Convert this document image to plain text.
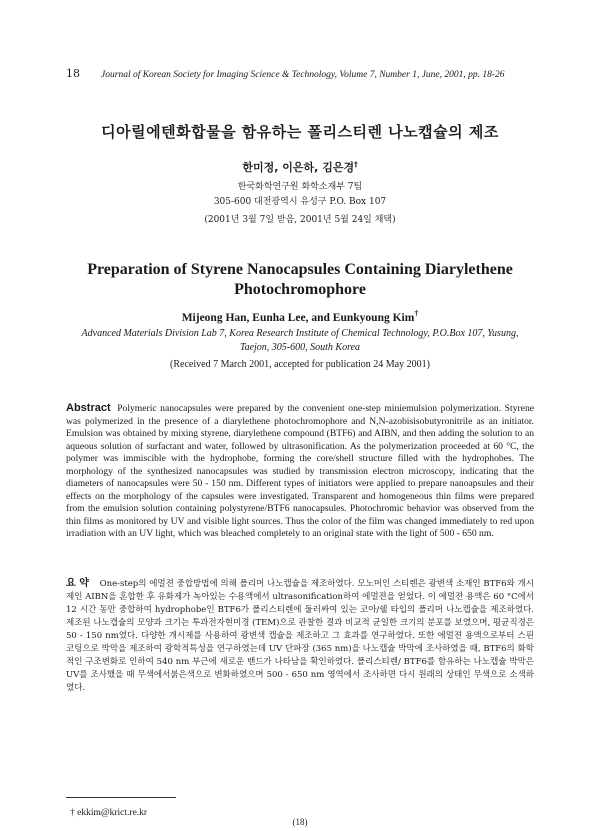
18 Journal of Korean Society for Imaging Science & Technology, Volume 7, Number 1, June, 2001, pp. 18-26
디아릴에텐화합물을 함유하는 폴리스티렌 나노캡슐의 제조
한미정, 이은하, 김은경†
한국화학연구원 화학소재부 7팀
305-600 대전광역시 유성구 P.O. Box 107
(2001년 3월 7일 받음, 2001년 5월 24일 채택)
Preparation of Styrene Nanocapsules Containing Diarylethene Photochromophore
Mijeong Han, Eunha Lee, and Eunkyoung Kim†
Advanced Materials Division Lab 7, Korea Research Institute of Chemical Technology, P.O.Box 107, Yusung, Taejon, 305-600, South Korea
(Received 7 March 2001, accepted for publication 24 May 2001)
Abstract Polymeric nanocapsules were prepared by the convenient one-step miniemulsion polymerization. Styrene was polymerized in the presence of a diarylethene photochromophore and N,N-azobisisobutyronitrile as an initiator. Emulsion was obtained by mixing styrene, diarylethene compound (BTF6) and AIBN, and then adding the solution to an aqueous solution of surfactant and water, followed by ultrasonification. As the polymerization proceeded at 60 °C, the polymer was immiscible with the hydrophobe, forming the core/shell structure filled with the hydrophobes. The morphology of the synthesized nanocapsules was studied by transmission electron microscopy, indicating that the diameters of nanocapsules were 50 - 150 nm. Different types of initiators were applied to prepare nanoapsules and their effects on the morphology of the capsules were investigated. Transparent and homogeneous thin films were prepared from the emulsion solution containing polystyrene/BTF6 nanocapsules. Photochromic behavior was observed from the thin films as monitored by UV and visible light sources. Thus the color of the film was changed immediately to red upon irradiation with an UV light, which was bleached completely to an original state with the light of 500 - 650 nm.
요 약 One-step의 에멀젼 중합방법에 의해 폴리머 나노캡슐을 제조하였다. 모노머인 스티렌은 광변색 소재인 BTF6와 개시제인 AIBN을 혼합한 후 유화제가 녹아있는 수용액에서 ultrasonification하여 에멀젼을 얻었다. 이 에멀젼 용액은 60 °C에서 12 시간 동안 중합하여 hydrophobe인 BTF6가 폴리스티렌에 둘러싸여 있는 코아/쉘 타입의 폴리머 나노캡슐을 제조하였다. 제조된 나노캡슐의 모양과 크기는 투과전자현미경 (TEM)으로 관찰한 결과 비교적 균일한 크기의 분포를 보였으며, 평균직경은 50 - 150 nm였다. 다양한 개시제를 사용하여 광변색 캡슐을 제조하고 그 효과를 연구하였다. 또한 에멀젼 용액으로부터 스핀코팅으로 박막을 제조하여 광학적특성을 연구하였는데 UV 단파장 (365 nm)을 나노캡슐 박막에 조사하였을 때, BTF6의 화학적인 구조변화로 인하여 540 nm 부근에 새로운 밴드가 나타남을 확인하였다. 폴리스티렌/ BTF6를 함유하는 나노캡슐 박막은 UV를 조사했을 때 무색에서붉은색으로 변화하였으며 500 - 650 nm 영역에서 조사하면 다시 원래의 상태인 무색으로 소색하였다.
† ekkim@krict.re.kr
(18)
